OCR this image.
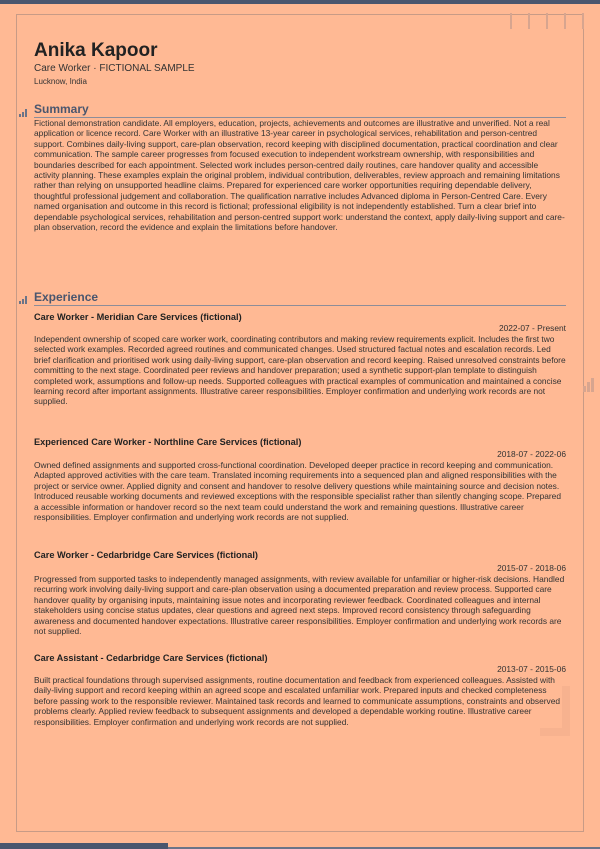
Anika Kapoor
Care Worker · FICTIONAL SAMPLE
Lucknow, India
Summary

Fictional demonstration candidate. All employers, education, projects, achievements and outcomes are illustrative and unverified. Not a real application or licence record. Care Worker with an illustrative 13-year career in psychological services, rehabilitation and person-centred support. Combines daily-living support, care-plan observation, record keeping with disciplined documentation, practical coordination and clear communication. The sample career progresses from focused execution to independent workstream ownership, with responsibilities and boundaries described for each appointment. Selected work includes person-centred daily routines, care handover quality and accessible activity planning. These examples explain the original problem, individual contribution, deliverables, review approach and remaining limitations rather than relying on unsupported headline claims. Prepared for experienced care worker opportunities requiring dependable delivery, thoughtful professional judgement and collaboration. The qualification narrative includes Advanced diploma in Person-Centred Care. Every named organisation and outcome in this record is fictional; professional eligibility is not independently established. Turn a clear brief into dependable psychological services, rehabilitation and person-centred support work: understand the context, apply daily-living support and care-plan observation, record the evidence and explain the limitations before handover.

Experience
Care Worker - Meridian Care Services (fictional)
2022-07 - Present

Independent ownership of scoped care worker work, coordinating contributors and making review requirements explicit. Includes the first two selected work examples. Recorded agreed routines and communicated changes. Used structured factual notes and escalation records. Led brief clarification and prioritised work using daily-living support, care-plan observation and record keeping. Raised unresolved constraints before committing to the next stage. Coordinated peer reviews and handover preparation; used a synthetic support-plan template to distinguish completed work, assumptions and follow-up needs. Supported colleagues with practical examples of communication and maintained a concise learning record after important assignments. Illustrative career responsibilities. Employer confirmation and underlying work records are not supplied.

Experienced Care Worker - Northline Care Services (fictional)
2018-07 - 2022-06

Owned defined assignments and supported cross-functional coordination. Developed deeper practice in record keeping and communication. Adapted approved activities with the care team. Translated incoming requirements into a sequenced plan and aligned responsibilities with the project or service owner. Applied dignity and consent and handover to resolve delivery questions while maintaining source and decision notes. Introduced reusable working documents and reviewed exceptions with the responsible specialist rather than silently changing scope. Prepared a accessible information or handover record so the next team could understand the work and remaining questions. Illustrative career responsibilities. Employer confirmation and underlying work records are not supplied.

Care Worker - Cedarbridge Care Services (fictional)
2015-07 - 2018-06

Progressed from supported tasks to independently managed assignments, with review available for unfamiliar or higher-risk decisions. Handled recurring work involving daily-living support and care-plan observation using a documented preparation and review process. Supported care handover quality by organising inputs, maintaining issue notes and incorporating reviewer feedback. Coordinated colleagues and internal stakeholders using concise status updates, clear questions and agreed next steps. Improved record consistency through safeguarding awareness and documented handover expectations. Illustrative career responsibilities. Employer confirmation and underlying work records are not supplied.

Care Assistant - Cedarbridge Care Services (fictional)
2013-07 - 2015-06

Built practical foundations through supervised assignments, routine documentation and feedback from experienced colleagues. Assisted with daily-living support and record keeping within an agreed scope and escalated unfamiliar work. Prepared inputs and checked completeness before passing work to the responsible reviewer. Maintained task records and learned to communicate assumptions, constraints and observed problems clearly. Applied review feedback to subsequent assignments and developed a dependable working routine. Illustrative career responsibilities. Employer confirmation and underlying work records are not supplied.
